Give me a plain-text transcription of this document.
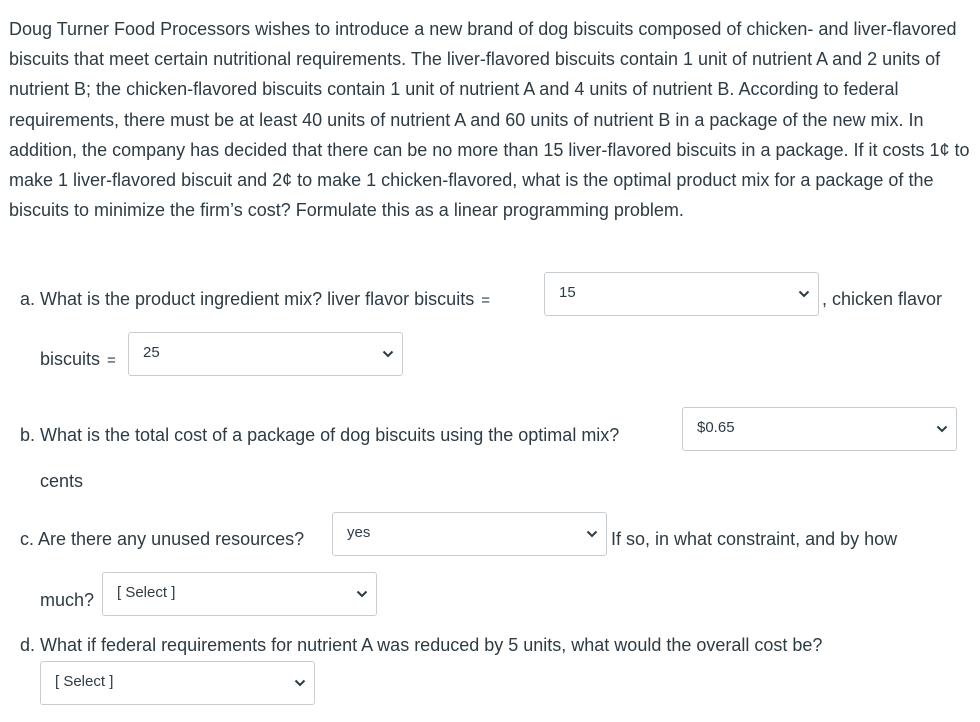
Doug Turner Food Processors wishes to introduce a new brand of dog biscuits composed of chicken- and liver-flavored biscuits that meet certain nutritional requirements. The liver-flavored biscuits contain 1 unit of nutrient A and 2 units of nutrient B; the chicken-flavored biscuits contain 1 unit of nutrient A and 4 units of nutrient B. According to federal requirements, there must be at least 40 units of nutrient A and 60 units of nutrient B in a package of the new mix. In addition, the company has decided that there can be no more than 15 liver-flavored biscuits in a package. If it costs 1¢ to make 1 liver-flavored biscuit and 2¢ to make 1 chicken-flavored, what is the optimal product mix for a package of the biscuits to minimize the firm’s cost? Formulate this as a linear programming problem.

a. What is the product ingredient mix? liver flavor biscuits =	15	, chicken flavor
biscuits = 25
b. What is the total cost of a package of dog biscuits using the optimal mix?	$0.65
cents
c. Are there any unused resources?	yes	If so, in what constraint, and by how
much? [ Select ]
d. What if federal requirements for nutrient A was reduced by 5 units, what would the overall cost be?
[ Select ]
